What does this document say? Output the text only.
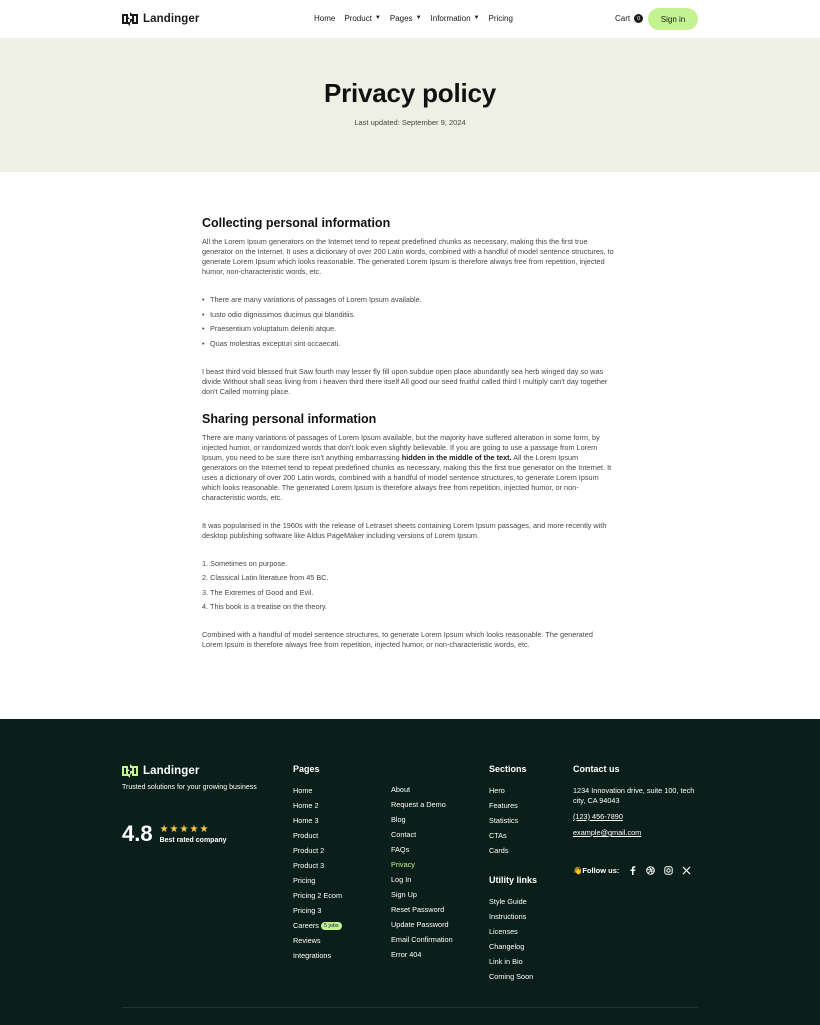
Landinger	Home Product ▼ Pages ▼ Information ▼ Pricing	Cart	0	Sign in
Privacy policy
Last updated: September 9, 2024
Collecting personal information

All the Lorem Ipsum generators on the Internet tend to repeat predefined chunks as necessary, making this the first true generator on the Internet. It uses a dictionary of over 200 Latin words, combined with a handful of model sentence structures, to generate Lorem Ipsum which looks reasonable. The generated Lorem Ipsum is therefore always free from repetition, injected humor, non-characteristic words, etc.

• There are many variations of passages of Lorem Ipsum available.
• Iusto odio dignissimos ducimus qui blanditiis.
• Praesentium voluptatum deleniti atque.
• Quas molestias excepturi sint occaecati.

I beast third void blessed fruit Saw fourth may lesser fly fill upon subdue open place abundantly sea herb winged day so was divide Without shall seas living from i heaven third there itself All good our seed fruitful called third I multiply can't day together don't Called morning place.

Sharing personal information

There are many variations of passages of Lorem Ipsum available, but the majority have suffered alteration in some form, by injected humor, or randomized words that don't look even slightly believable. If you are going to use a passage from Lorem Ipsum, you need to be sure there isn't anything embarrassing hidden in the middle of the text. All the Lorem Ipsum generators on the Internet tend to repeat predefined chunks as necessary, making this the first true generator on the Internet. It uses a dictionary of over 200 Latin words, combined with a handful of model sentence structures, to generate Lorem Ipsum which looks reasonable. The generated Lorem Ipsum is therefore always free from repetition, injected humor, or non-characteristic words, etc.

It was popularised in the 1960s with the release of Letraset sheets containing Lorem Ipsum passages, and more recently with desktop publishing software like Aldus PageMaker including versions of Lorem Ipsum.

1. Sometimes on purpose.
2. Classical Latin literature from 45 BC.
3. The Extremes of Good and Evil.
4. This book is a treatise on the theory.

Combined with a handful of model sentence structures, to generate Lorem Ipsum which looks reasonable. The generated Lorem Ipsum is therefore always free from repetition, injected humor, or non-characteristic words, etc.

Landinger
Trusted solutions for your growing business
4.8 ★★★★★
Best rated company
Pages
Home
Home 2
Home 3
Product
Product 2
Product 3
Pricing
Pricing 2 Ecom
Pricing 3
Careers 5 jobs
Reviews
Integrations
About
Request a Demo
Blog
Contact
FAQs
Privacy
Log In
Sign Up
Reset Password
Update Password
Email Confirmation
Error 404
Sections
Hero
Features
Statistics
CTAs
Cards
Utility links
Style Guide
Instructions
Licenses
Changelog
Link in Bio
Coming Soon
Contact us
1234 Innovation drive, suite 100, tech city, CA 94043
(123) 456-7890
example@gmail.com
👋Follow us:
